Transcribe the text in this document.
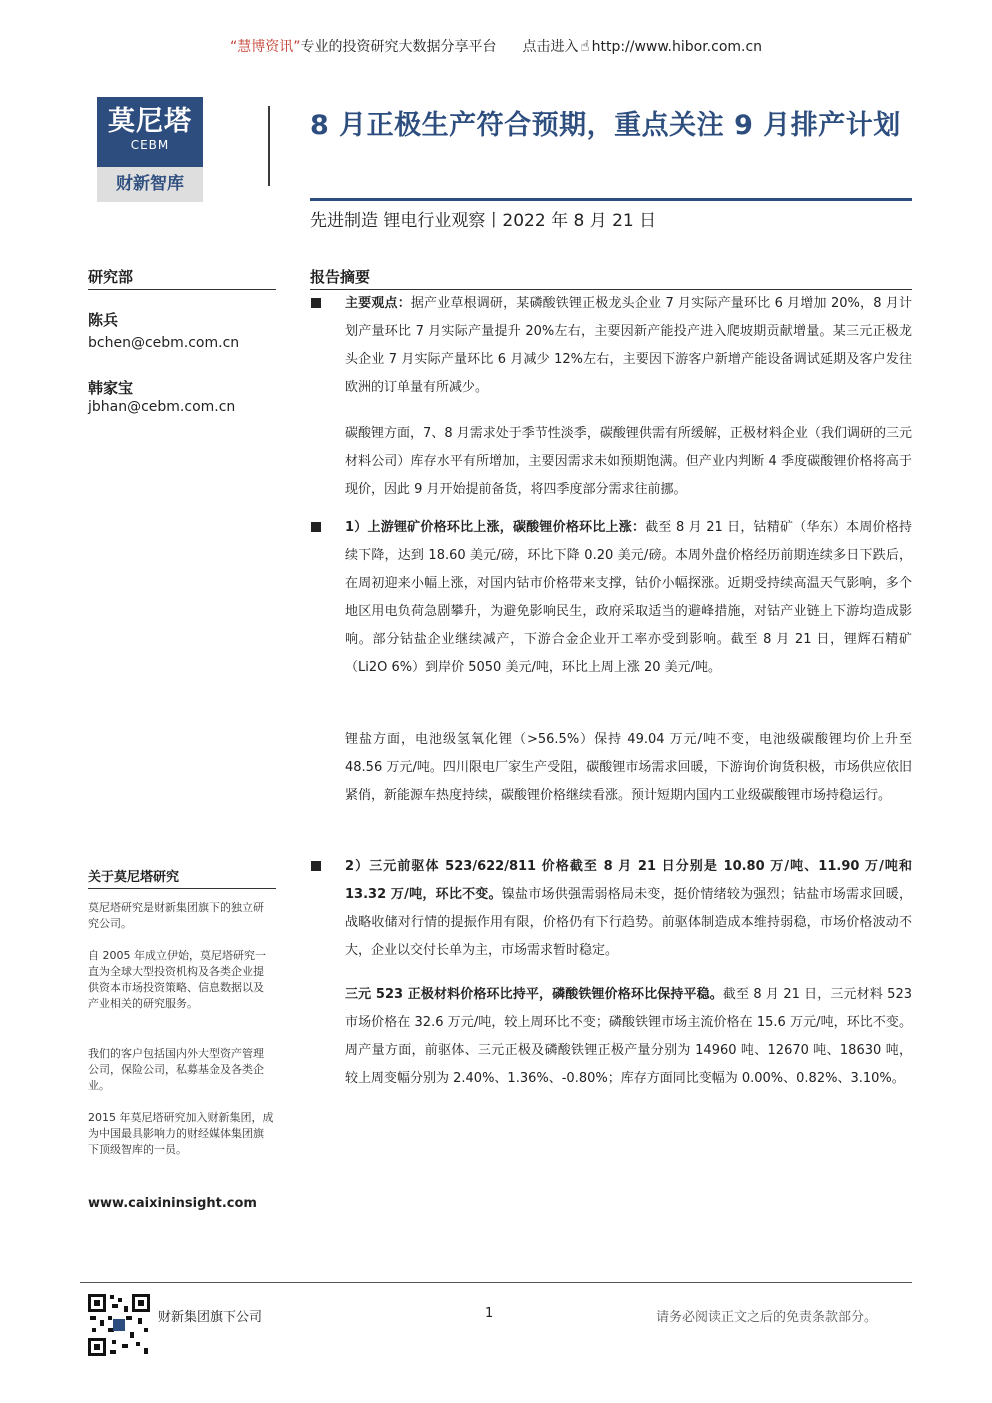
“慧博资讯”专业的投资研究大数据分享平台 点击进入 ☝ http://www.hibor.com.cn
莫尼塔
CEBM
财新智库
8 月正极生产符合预期，重点关注 9 月排产计划
先进制造 锂电行业观察丨2022 年 8 月 21 日
研究部
陈兵
bchen@cebm.com.cn
韩家宝
jbhan@cebm.com.cn
关于莫尼塔研究
莫尼塔研究是财新集团旗下的独立研究公司。
自 2005 年成立伊始，莫尼塔研究一直为全球大型投资机构及各类企业提供资本市场投资策略、信息数据以及产业相关的研究服务。
我们的客户包括国内外大型资产管理公司，保险公司，私募基金及各类企业。
2015 年莫尼塔研究加入财新集团，成为中国最具影响力的财经媒体集团旗下顶级智库的一员。
www.caixininsight.com
报告摘要
主要观点：据产业草根调研，某磷酸铁锂正极龙头企业 7 月实际产量环比 6 月增加 20%，8 月计划产量环比 7 月实际产量提升 20%左右，主要因新产能投产进入爬坡期贡献增量。某三元正极龙头企业 7 月实际产量环比 6 月减少 12%左右，主要因下游客户新增产能设备调试延期及客户发往欧洲的订单量有所减少。
碳酸锂方面，7、8 月需求处于季节性淡季，碳酸锂供需有所缓解，正极材料企业（我们调研的三元材料公司）库存水平有所增加，主要因需求未如预期饱满。但产业内判断 4 季度碳酸锂价格将高于现价，因此 9 月开始提前备货，将四季度部分需求往前挪。
1）上游锂矿价格环比上涨，碳酸锂价格环比上涨：截至 8 月 21 日，钴精矿（华东）本周价格持续下降，达到 18.60 美元/磅，环比下降 0.20 美元/磅。本周外盘价格经历前期连续多日下跌后，在周初迎来小幅上涨，对国内钴市价格带来支撑，钴价小幅探涨。近期受持续高温天气影响，多个地区用电负荷急剧攀升，为避免影响民生，政府采取适当的避峰措施，对钴产业链上下游均造成影响。部分钴盐企业继续减产，下游合金企业开工率亦受到影响。截至 8 月 21 日，锂辉石精矿（Li2O 6%）到岸价 5050 美元/吨，环比上周上涨 20 美元/吨。
锂盐方面，电池级氢氧化锂（>56.5%）保持 49.04 万元/吨不变，电池级碳酸锂均价上升至 48.56 万元/吨。四川限电厂家生产受阻，碳酸锂市场需求回暖，下游询价询货积极，市场供应依旧紧俏，新能源车热度持续，碳酸锂价格继续看涨。预计短期内国内工业级碳酸锂市场持稳运行。
2）三元前驱体 523/622/811 价格截至 8 月 21 日分别是 10.80 万/吨、11.90 万/吨和 13.32 万/吨，环比不变。镍盐市场供强需弱格局未变，挺价情绪较为强烈；钴盐市场需求回暖，战略收储对行情的提振作用有限，价格仍有下行趋势。前驱体制造成本维持弱稳，市场价格波动不大，企业以交付长单为主，市场需求暂时稳定。
三元 523 正极材料价格环比持平，磷酸铁锂价格环比保持平稳。截至 8 月 21 日，三元材料 523 市场价格在 32.6 万元/吨，较上周环比不变；磷酸铁锂市场主流价格在 15.6 万元/吨，环比不变。周产量方面，前驱体、三元正极及磷酸铁锂正极产量分别为 14960 吨、12670 吨、18630 吨，较上周变幅分别为 2.40%、1.36%、-0.80%；库存方面同比变幅为 0.00%、0.82%、3.10%。
财新集团旗下公司	1	请务必阅读正文之后的免责条款部分。
